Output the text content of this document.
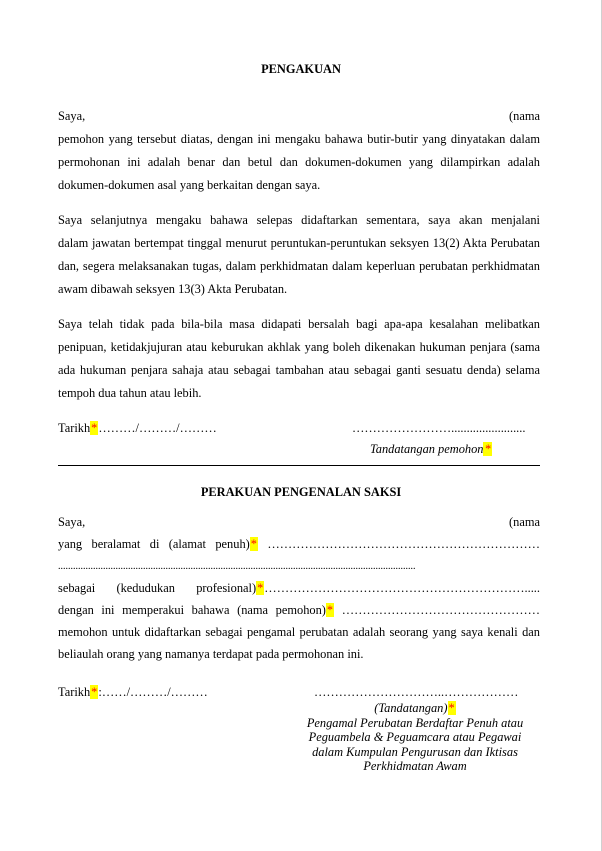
PENGAKUAN
Saya, (nama
pemohon yang tersebut diatas, dengan ini mengaku bahawa butir-butir yang dinyatakan dalam
permohonan ini adalah benar dan betul dan dokumen-dokumen yang dilampirkan adalah
dokumen-dokumen asal yang berkaitan dengan saya.
Saya selanjutnya mengaku bahawa selepas didaftarkan sementara, saya akan menjalani
dalam jawatan bertempat tinggal menurut peruntukan-peruntukan seksyen 13(2) Akta Perubatan
dan, segera melaksanakan tugas, dalam perkhidmatan dalam keperluan perubatan perkhidmatan
awam dibawah seksyen 13(3) Akta Perubatan.
Saya telah tidak pada bila-bila masa didapati bersalah bagi apa-apa kesalahan melibatkan
penipuan, ketidakjujuran atau keburukan akhlak yang boleh dikenakan hukuman penjara (sama
ada hukuman penjara sahaja atau sebagai tambahan atau sebagai ganti sesuatu denda) selama
tempoh dua tahun atau lebih.
Tarikh*………/………/………	……………………........................
Tandatangan pemohon*
PERAKUAN PENGENALAN SAKSI
Saya, (nama
yang beralamat di (alamat penuh)* …………………………………………………………
...............................................................................................................................................
sebagai (kedudukan profesional)*……………………………………………………….....
dengan ini memperakui bahawa (nama pemohon)* …………………………………………
memohon untuk didaftarkan sebagai pengamal perubatan adalah seorang yang saya kenali dan
beliaulah orang yang namanya terdapat pada permohonan ini.
Tarikh*:……/………/………	…………………………..………………
(Tandatangan)*
Pengamal Perubatan Berdaftar Penuh atau
Peguambela & Peguamcara atau Pegawai
dalam Kumpulan Pengurusan dan Iktisas
Perkhidmatan Awam
